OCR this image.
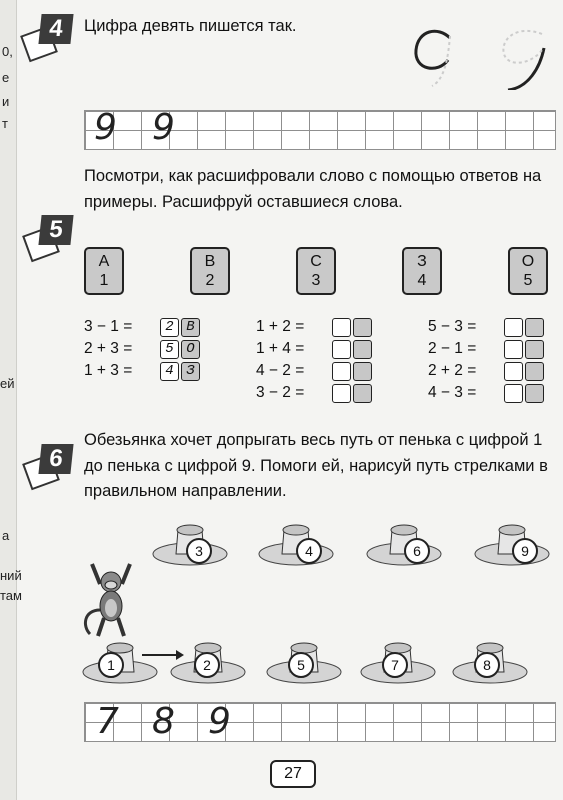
0,
е
и
т
ей
а
ний
там
4	Цифра девять пишется так.
9 9
Посмотри, как расшифровали слово с помощью ответов на примеры. Расшифруй оставшиеся слова.
5
А
1
В
2
С
3
З
4
О
5
3 − 1 =	2 В
2 + 3 =	5 О
1 + 3 =	4 З
1 + 2 =
1 + 4 =
4 − 2 =
3 − 2 =
5 − 3 =
2 − 1 =
2 + 2 =
4 − 3 =
6
Обезьянка хочет допрыгать весь путь от пенька с цифрой 1 до пенька с цифрой 9. Помоги ей, нарисуй путь стрелками в правильном направлении.
3	4	6	9
1	2	5	7	8
7 8 9
27
